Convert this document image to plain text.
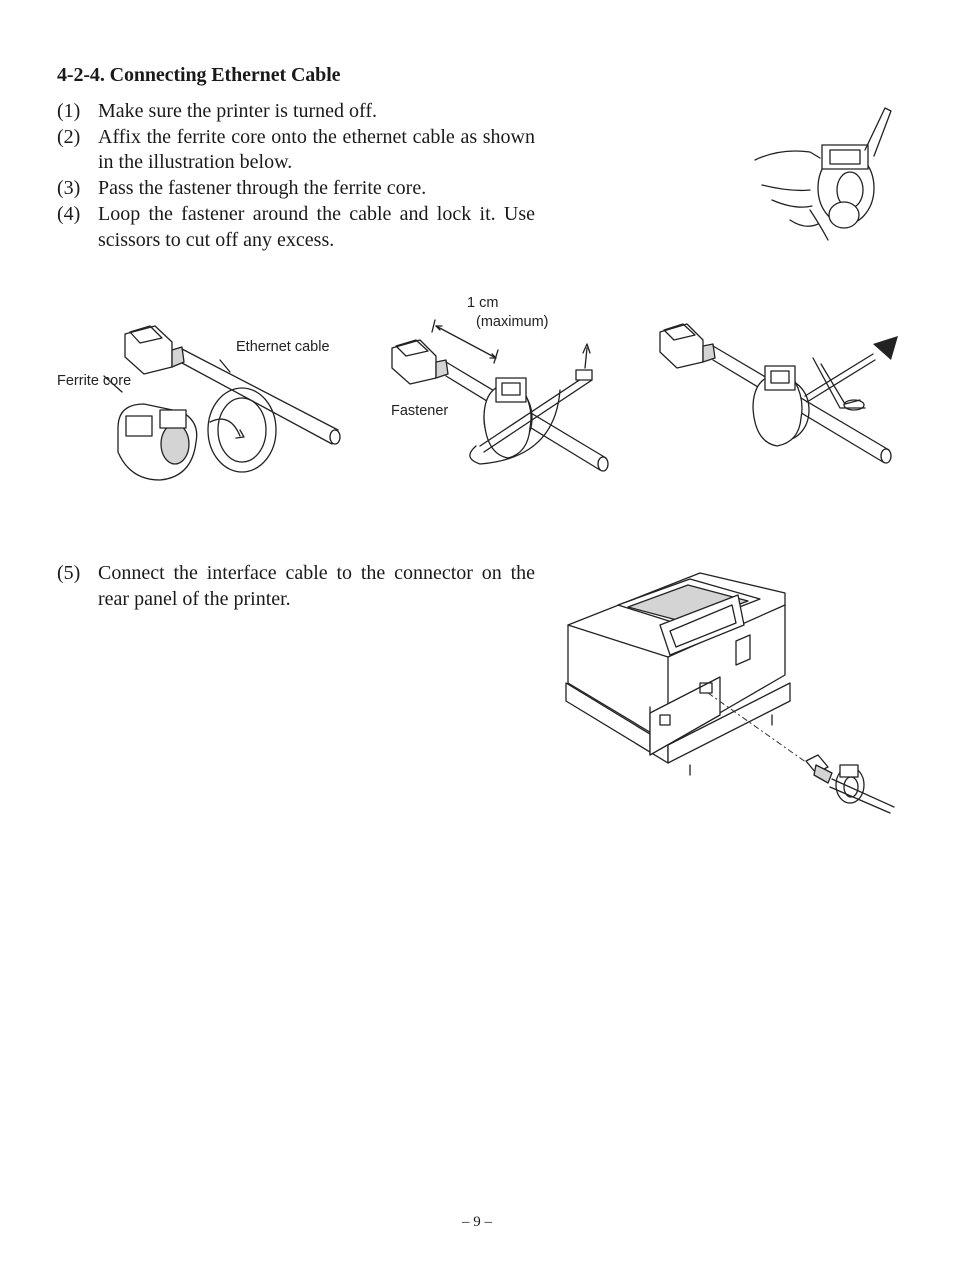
4-2-4. Connecting Ethernet Cable
(1) Make sure the printer is turned off.
(2) Affix the ferrite core onto the ethernet cable as shown in the illustration below.
(3) Pass the fastener through the ferrite core.
(4) Loop the fastener around the cable and lock it. Use scissors to cut off any excess.
(5) Connect the interface cable to the connector on the rear panel of the printer.
Ethernet cable
Ferrite core
1 cm
(maximum)
Fastener
– 9 –
